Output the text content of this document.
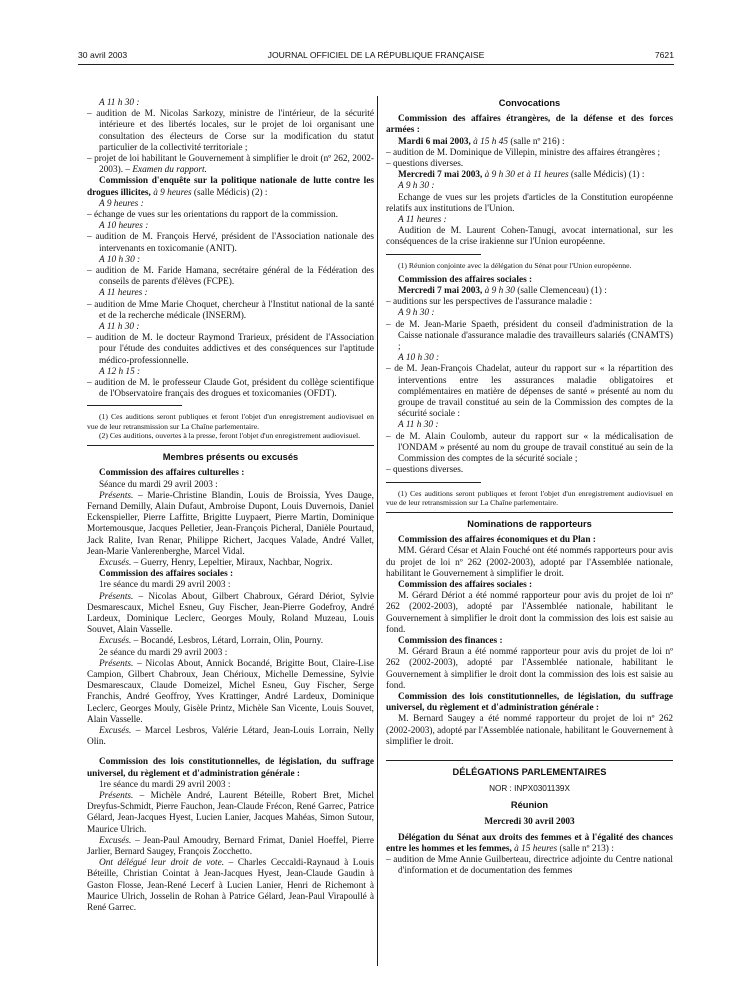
30 avril 2003	JOURNAL OFFICIEL DE LA RÉPUBLIQUE FRANÇAISE	7621

A 11 h 30 :

– audition de M. Nicolas Sarkozy, ministre de l'intérieur, de la sécurité intérieure et des libertés locales, sur le projet de loi organisant une consultation des électeurs de Corse sur la modification du statut particulier de la collectivité territoriale ;

– projet de loi habilitant le Gouvernement à simplifier le droit (nº 262, 2002-2003). – Examen du rapport.

Commission d'enquête sur la politique nationale de lutte contre les drogues illicites, à 9 heures (salle Médicis) (2) :

A 9 heures :

– échange de vues sur les orientations du rapport de la commission.

A 10 heures :

– audition de M. François Hervé, président de l'Association nationale des intervenants en toxicomanie (ANIT).

A 10 h 30 :

– audition de M. Faride Hamana, secrétaire général de la Fédération des conseils de parents d'élèves (FCPE).

A 11 heures :

– audition de Mme Marie Choquet, chercheur à l'Institut national de la santé et de la recherche médicale (INSERM).

A 11 h 30 :

– audition de M. le docteur Raymond Trarieux, président de l'Association pour l'étude des conduites addictives et des conséquences sur l'aptitude médico-professionnelle.

A 12 h 15 :

– audition de M. le professeur Claude Got, président du collège scientifique de l'Observatoire français des drogues et toxicomanies (OFDT).

(1) Ces auditions seront publiques et feront l'objet d'un enregistrement audiovisuel en vue de leur retransmission sur La Chaîne parlementaire.

(2) Ces auditions, ouvertes à la presse, feront l'objet d'un enregistrement audiovisuel.

Membres présents ou excusés

Commission des affaires culturelles :

Séance du mardi 29 avril 2003 :

Présents. – Marie-Christine Blandin, Louis de Broissia, Yves Dauge, Fernand Demilly, Alain Dufaut, Ambroise Dupont, Louis Duvernois, Daniel Eckenspieller, Pierre Laffitte, Brigitte Luypaert, Pierre Martin, Dominique Mortemousque, Jacques Pelletier, Jean-François Picheral, Danièle Pourtaud, Jack Ralite, Ivan Renar, Philippe Richert, Jacques Valade, André Vallet, Jean-Marie Vanlerenberghe, Marcel Vidal.

Excusés. – Guerry, Henry, Lepeltier, Miraux, Nachbar, Nogrix.

Commission des affaires sociales :

1re séance du mardi 29 avril 2003 :

Présents. – Nicolas About, Gilbert Chabroux, Gérard Dériot, Sylvie Desmarescaux, Michel Esneu, Guy Fischer, Jean-Pierre Godefroy, André Lardeux, Dominique Leclerc, Georges Mouly, Roland Muzeau, Louis Souvet, Alain Vasselle.

Excusés. – Bocandé, Lesbros, Létard, Lorrain, Olin, Pourny.

2e séance du mardi 29 avril 2003 :

Présents. – Nicolas About, Annick Bocandé, Brigitte Bout, Claire-Lise Campion, Gilbert Chabroux, Jean Chérioux, Michelle Demessine, Sylvie Desmarescaux, Claude Domeizel, Michel Esneu, Guy Fischer, Serge Franchis, André Geoffroy, Yves Krattinger, André Lardeux, Dominique Leclerc, Georges Mouly, Gisèle Printz, Michèle San Vicente, Louis Souvet, Alain Vasselle.

Excusés. – Marcel Lesbros, Valérie Létard, Jean-Louis Lorrain, Nelly Olin.

Commission des lois constitutionnelles, de législation, du suffrage universel, du règlement et d'administration générale :

1re séance du mardi 29 avril 2003 :

Présents. – Michèle André, Laurent Béteille, Robert Bret, Michel Dreyfus-Schmidt, Pierre Fauchon, Jean-Claude Frécon, René Garrec, Patrice Gélard, Jean-Jacques Hyest, Lucien Lanier, Jacques Mahéas, Simon Sutour, Maurice Ulrich.

Excusés. – Jean-Paul Amoudry, Bernard Frimat, Daniel Hoeffel, Pierre Jarlier, Bernard Saugey, François Zocchetto.

Ont délégué leur droit de vote. – Charles Ceccaldi-Raynaud à Louis Béteille, Christian Cointat à Jean-Jacques Hyest, Jean-Claude Gaudin à Gaston Flosse, Jean-René Lecerf à Lucien Lanier, Henri de Richemont à Maurice Ulrich, Josselin de Rohan à Patrice Gélard, Jean-Paul Virapoullé à René Garrec.

Convocations

Commission des affaires étrangères, de la défense et des forces armées :

Mardi 6 mai 2003, à 15 h 45 (salle nº 216) :

– audition de M. Dominique de Villepin, ministre des affaires étrangères ;

– questions diverses.

Mercredi 7 mai 2003, à 9 h 30 et à 11 heures (salle Médicis) (1) :

A 9 h 30 :

Echange de vues sur les projets d'articles de la Constitution européenne relatifs aux institutions de l'Union.

A 11 heures :

Audition de M. Laurent Cohen-Tanugi, avocat international, sur les conséquences de la crise irakienne sur l'Union européenne.

(1) Réunion conjointe avec la délégation du Sénat pour l'Union européenne.

Commission des affaires sociales :

Mercredi 7 mai 2003, à 9 h 30 (salle Clemenceau) (1) :

– auditions sur les perspectives de l'assurance maladie :

A 9 h 30 :

– de M. Jean-Marie Spaeth, président du conseil d'administration de la Caisse nationale d'assurance maladie des travailleurs salariés (CNAMTS) ;

A 10 h 30 :

– de M. Jean-François Chadelat, auteur du rapport sur « la répartition des interventions entre les assurances maladie obligatoires et complémentaires en matière de dépenses de santé » présenté au nom du groupe de travail constitué au sein de la Commission des comptes de la sécurité sociale :

A 11 h 30 :

– de M. Alain Coulomb, auteur du rapport sur « la médicalisation de l'ONDAM » présenté au nom du groupe de travail constitué au sein de la Commission des comptes de la sécurité sociale ;

– questions diverses.

(1) Ces auditions seront publiques et feront l'objet d'un enregistrement audiovisuel en vue de leur retransmission sur La Chaîne parlementaire.

Nominations de rapporteurs

Commission des affaires économiques et du Plan :

MM. Gérard César et Alain Fouché ont été nommés rapporteurs pour avis du projet de loi nº 262 (2002-2003), adopté par l'Assemblée nationale, habilitant le Gouvernement à simplifier le droit.

Commission des affaires sociales :

M. Gérard Dériot a été nommé rapporteur pour avis du projet de loi nº 262 (2002-2003), adopté par l'Assemblée nationale, habilitant le Gouvernement à simplifier le droit dont la commission des lois est saisie au fond.

Commission des finances :

M. Gérard Braun a été nommé rapporteur pour avis du projet de loi nº 262 (2002-2003), adopté par l'Assemblée nationale, habilitant le Gouvernement à simplifier le droit dont la commission des lois est saisie au fond.

Commission des lois constitutionnelles, de législation, du suffrage universel, du règlement et d'administration générale :

M. Bernard Saugey a été nommé rapporteur du projet de loi nº 262 (2002-2003), adopté par l'Assemblée nationale, habilitant le Gouvernement à simplifier le droit.

DÉLÉGATIONS PARLEMENTAIRES

NOR : INPX0301139X

Réunion

Mercredi 30 avril 2003

Délégation du Sénat aux droits des femmes et à l'égalité des chances entre les hommes et les femmes, à 15 heures (salle nº 213) :

– audition de Mme Annie Guilberteau, directrice adjointe du Centre national d'information et de documentation des femmes
